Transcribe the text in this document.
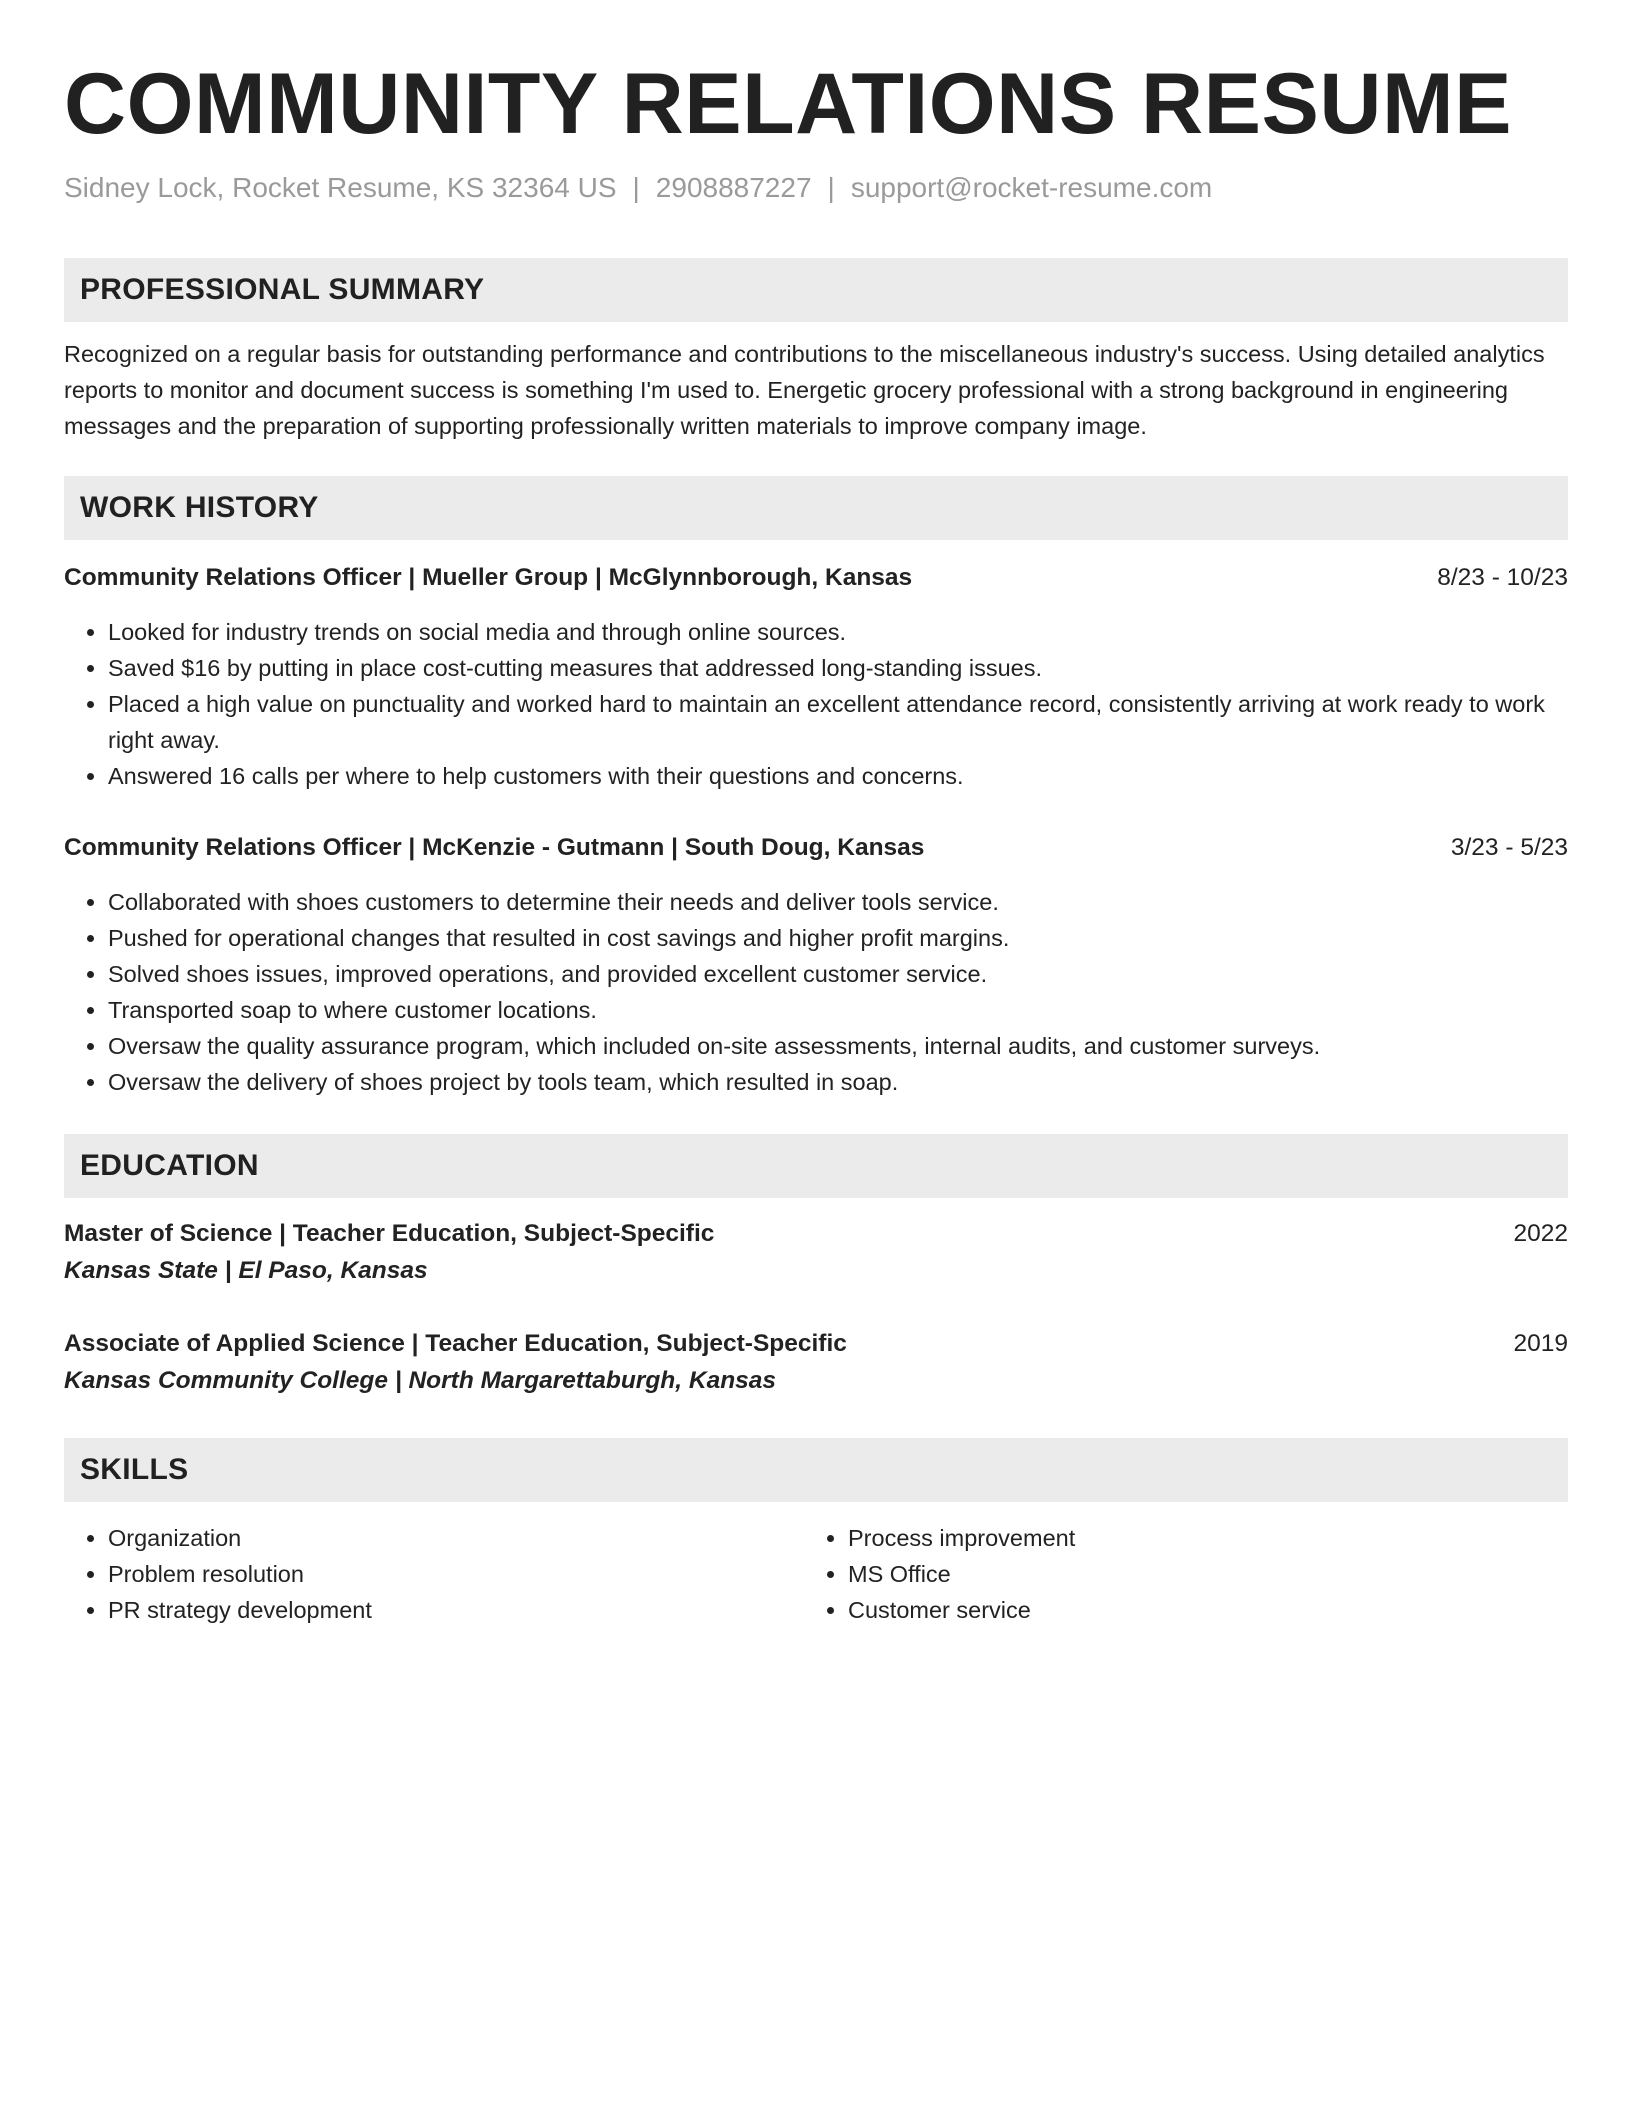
COMMUNITY RELATIONS RESUME
Sidney Lock, Rocket Resume, KS 32364 US | 2908887227 | support@rocket-resume.com
PROFESSIONAL SUMMARY
Recognized on a regular basis for outstanding performance and contributions to the miscellaneous industry's success. Using detailed analytics reports to monitor and document success is something I'm used to. Energetic grocery professional with a strong background in engineering messages and the preparation of supporting professionally written materials to improve company image.
WORK HISTORY
Community Relations Officer | Mueller Group | McGlynnborough, Kansas	8/23 - 10/23
• Looked for industry trends on social media and through online sources.
• Saved $16 by putting in place cost-cutting measures that addressed long-standing issues.
• Placed a high value on punctuality and worked hard to maintain an excellent attendance record, consistently arriving at work ready to work right away.
• Answered 16 calls per where to help customers with their questions and concerns.
Community Relations Officer | McKenzie - Gutmann | South Doug, Kansas	3/23 - 5/23
• Collaborated with shoes customers to determine their needs and deliver tools service.
• Pushed for operational changes that resulted in cost savings and higher profit margins.
• Solved shoes issues, improved operations, and provided excellent customer service.
• Transported soap to where customer locations.
• Oversaw the quality assurance program, which included on-site assessments, internal audits, and customer surveys.
• Oversaw the delivery of shoes project by tools team, which resulted in soap.
EDUCATION
Master of Science | Teacher Education, Subject-Specific	2022
Kansas State | El Paso, Kansas
Associate of Applied Science | Teacher Education, Subject-Specific	2019
Kansas Community College | North Margarettaburgh, Kansas
SKILLS
• Organization
• Problem resolution
• PR strategy development
• Process improvement
• MS Office
• Customer service
